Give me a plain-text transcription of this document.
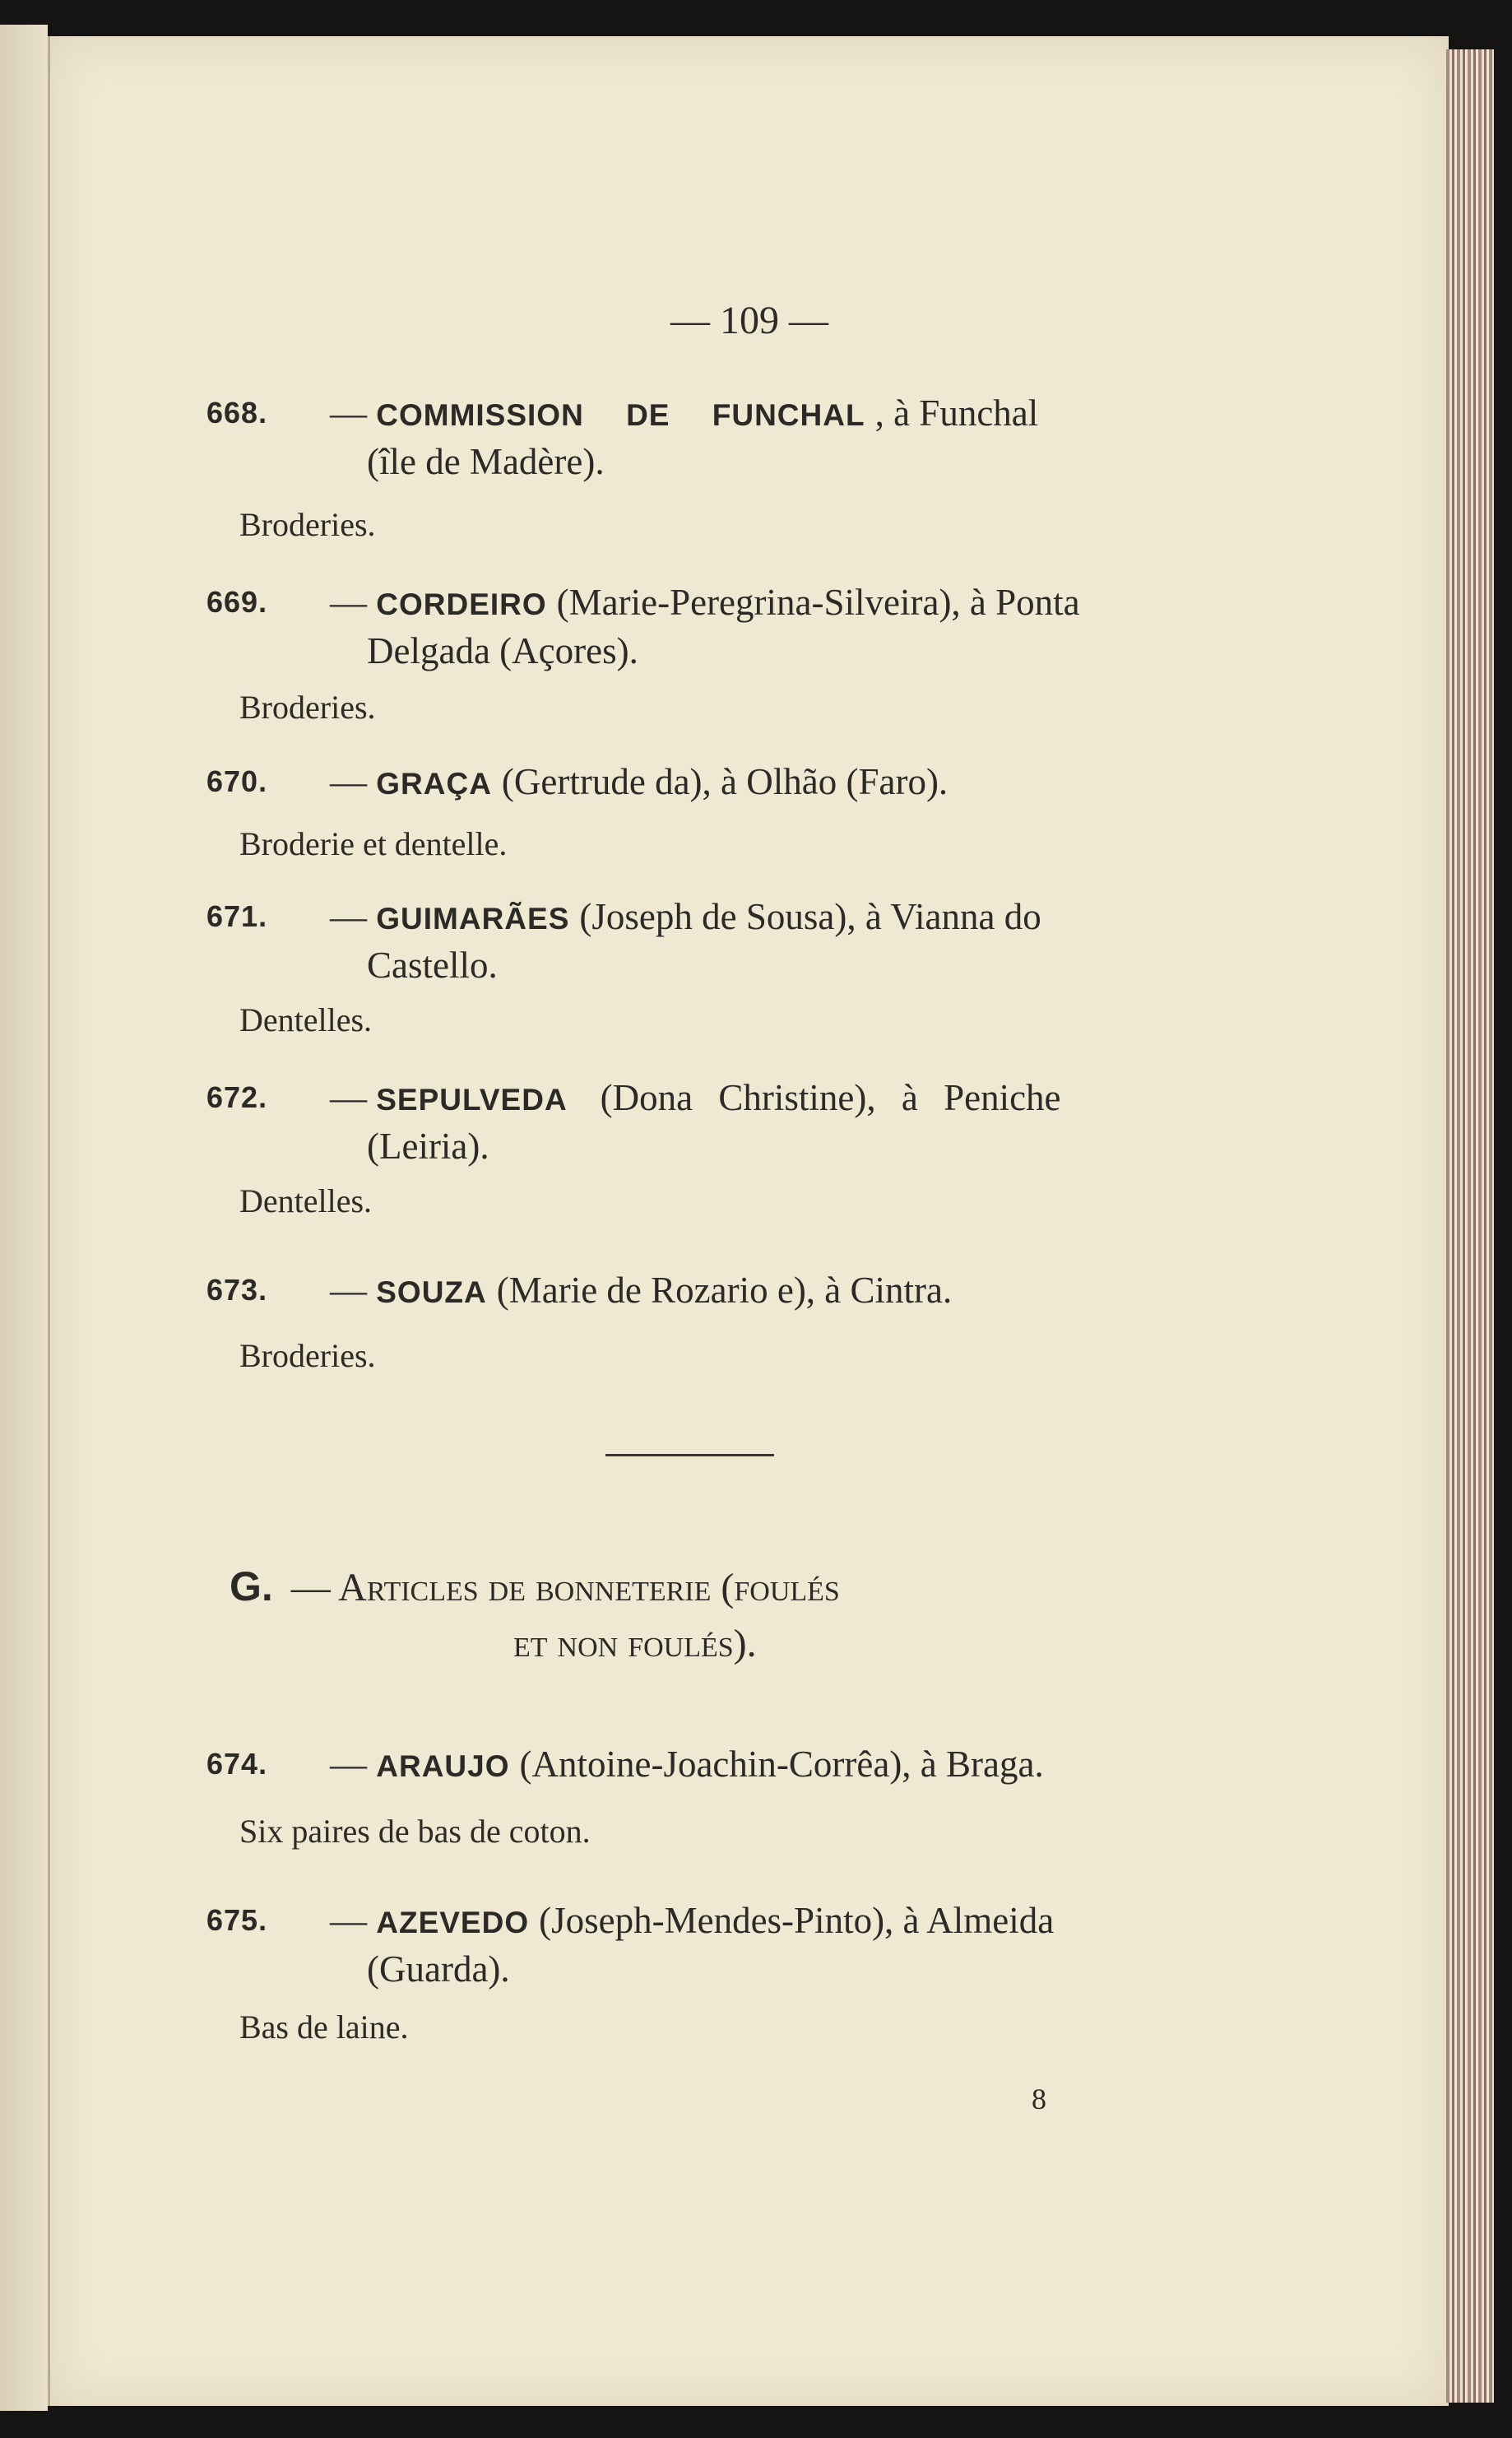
— 109 —
668.	— COMMISSION DE FUNCHAL , à Funchal
(île de Madère).
Broderies.
669.	— CORDEIRO (Marie-Peregrina-Silveira), à Ponta
Delgada (Açores).
Broderies.
670.	— GRAÇA (Gertrude da), à Olhão (Faro).
Broderie et dentelle.
671.	— GUIMARÃES (Joseph de Sousa), à Vianna do
Castello.
Dentelles.
672.	— SEPULVEDA (Dona Christine), à Peniche
(Leiria).
Dentelles.
673.	— SOUZA (Marie de Rozario e), à Cintra.
Broderies.
G. — Articles de bonneterie (foulés
et non foulés).
674.	— ARAUJO (Antoine-Joachin-Corrêa), à Braga.
Six paires de bas de coton.
675.	— AZEVEDO (Joseph-Mendes-Pinto), à Almeida
(Guarda).
Bas de laine.
8
